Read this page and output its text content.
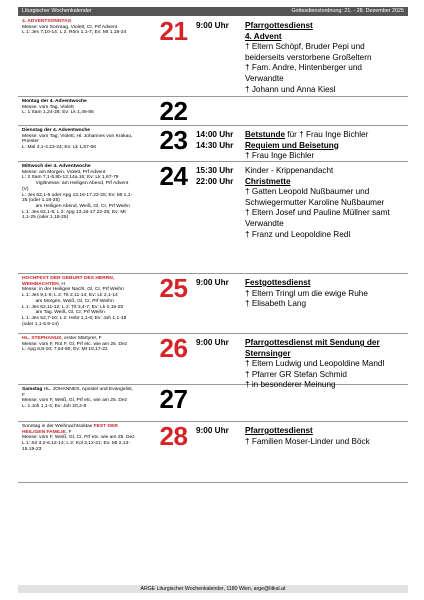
Liturgischer Wochenkalender	Gottesdienstordnung: 21. - 28. Dezember 2025
4. ADVENTSONNTAG
Messe: vom Sonntag, Violett, Cr, Prf Advent
L 1: Jes 7,10-14; L 2: Röm 1,1-7; Ev: Mt 1,18-24	21	9:00 Uhr	Pfarrgottesdienst
4. Advent
† Eltern Schöpf, Bruder Pepi und
beiderseits verstorbene Großeltern
† Fam. Andre, Hintenberger und
Verwandte
† Johann und Anna Kiesl
Montag der 4. Adventwoche
Messe: vom Tag, Violett
L: 1 Sam 1,24-28; Ev: Lk 1,46-56	22
Dienstag der 4. Adventwoche
Messe: vom Tag, Violett, Hl. Johannes von Krakau,
Priester
L: Mal 3,1-4.23-24; Ev: Lk 1,57-66	23	14:00 Uhr	Betstunde für † Frau Inge Bichler
14:30 Uhr	Requiem und Beisetung
† Frau Inge Bichler
Mittwoch der 4. Adventwoche
Messe: am Morgen, Violett, Prf Advent
L: 2 Sam 7,1-5.8b-12.14a.16; Ev: Lk 1,67-79
Vigilmesse: am Heiligen Abend, Prf Advent
(V)
L: Jes 62,1-5 oder Apg 13,16-17.22-25; Ev: Mt 1,1-
25 (oder 1,18-25)
am Heiligen Abend, Weiß, Gl, Cr, Prf Weihn
L 1: Jes 62,1-5; L 2: Apg 13,16-17.22-25; Ev: Mt
1,1-25 (oder 1,18-25)
24	15:30 Uhr	Kinder - Krippenandacht
22:00 Uhr	Christmette
† Gatten Leopold Nußbaumer und
Schwiegermutter Karoline Nußbaumer
† Eltern Josef und Pauline Müllner samt
Verwandte
† Franz und Leopoldine Redl
HOCHFEST DER GEBURT DES HERRN,
WEIHNACHTEN, H
Messe: in der Heiligen Nacht, Gl, Cr, Prf Weihn
L 1: Jes 9,1-6; L 2: Tit 2,11-14; Ev: Lk 2,1-14
am Morgen, Weiß, Gl, Cr, Prf Weihn
L 1: Jes 62,11-12; L 2: Tit 3,4-7; Ev: Lk 2,15-20
am Tag, Weiß, Gl, Cr, Prf Weihn
L 1: Jes 52,7-10; L 2: Hebr 1,1-6; Ev: Joh 1,1-18
(oder 1,1-5.9-14)
25	9:00 Uhr	Festgottesdienst
† Eltern Tringl um die ewige Ruhe
† Elisabeth Lang
HL. STEPHANUS, erster Märtyrer, F
Messe: vom F, Rot F, Gl, Prf etc. wie am 25. Dez
L: Apg 6,8-10; 7,54-60; Ev: Mt 10,17-22	26	9:00 Uhr	Pfarrgottesdienst mit Sendung der
Sternsinger
† Eltern Ludwig und Leopoldine Mandl
† Pfarrer GR Stefan Schmid
† in besonderer Meinung
Samstag HL. JOHANNES, Apostel und Evangelist,
F
Messe: vom F, Weiß, Gl, Prf etc. wie am 25. Dez
L: 1 Joh 1,1-4; Ev: Joh 20,2-8	27
Sonntag in der Weihnachtsoktav FEST DER
HEILIGEN FAMILIE, F
Messe: vom F, Weiß, Gl, Cr, Prf etc. wie am 25. Dez
L 1: Sir 3,2-6.12-14; L 2: Kol 3,12-21; Ev: Mt 2,13-
15.19-23	28	9:00 Uhr	Pfarrgottesdienst
† Familien Moser-Linder und Böck
ARGE Liturgischer Wochenkalender, 1180 Wien, arge@litkal.at
